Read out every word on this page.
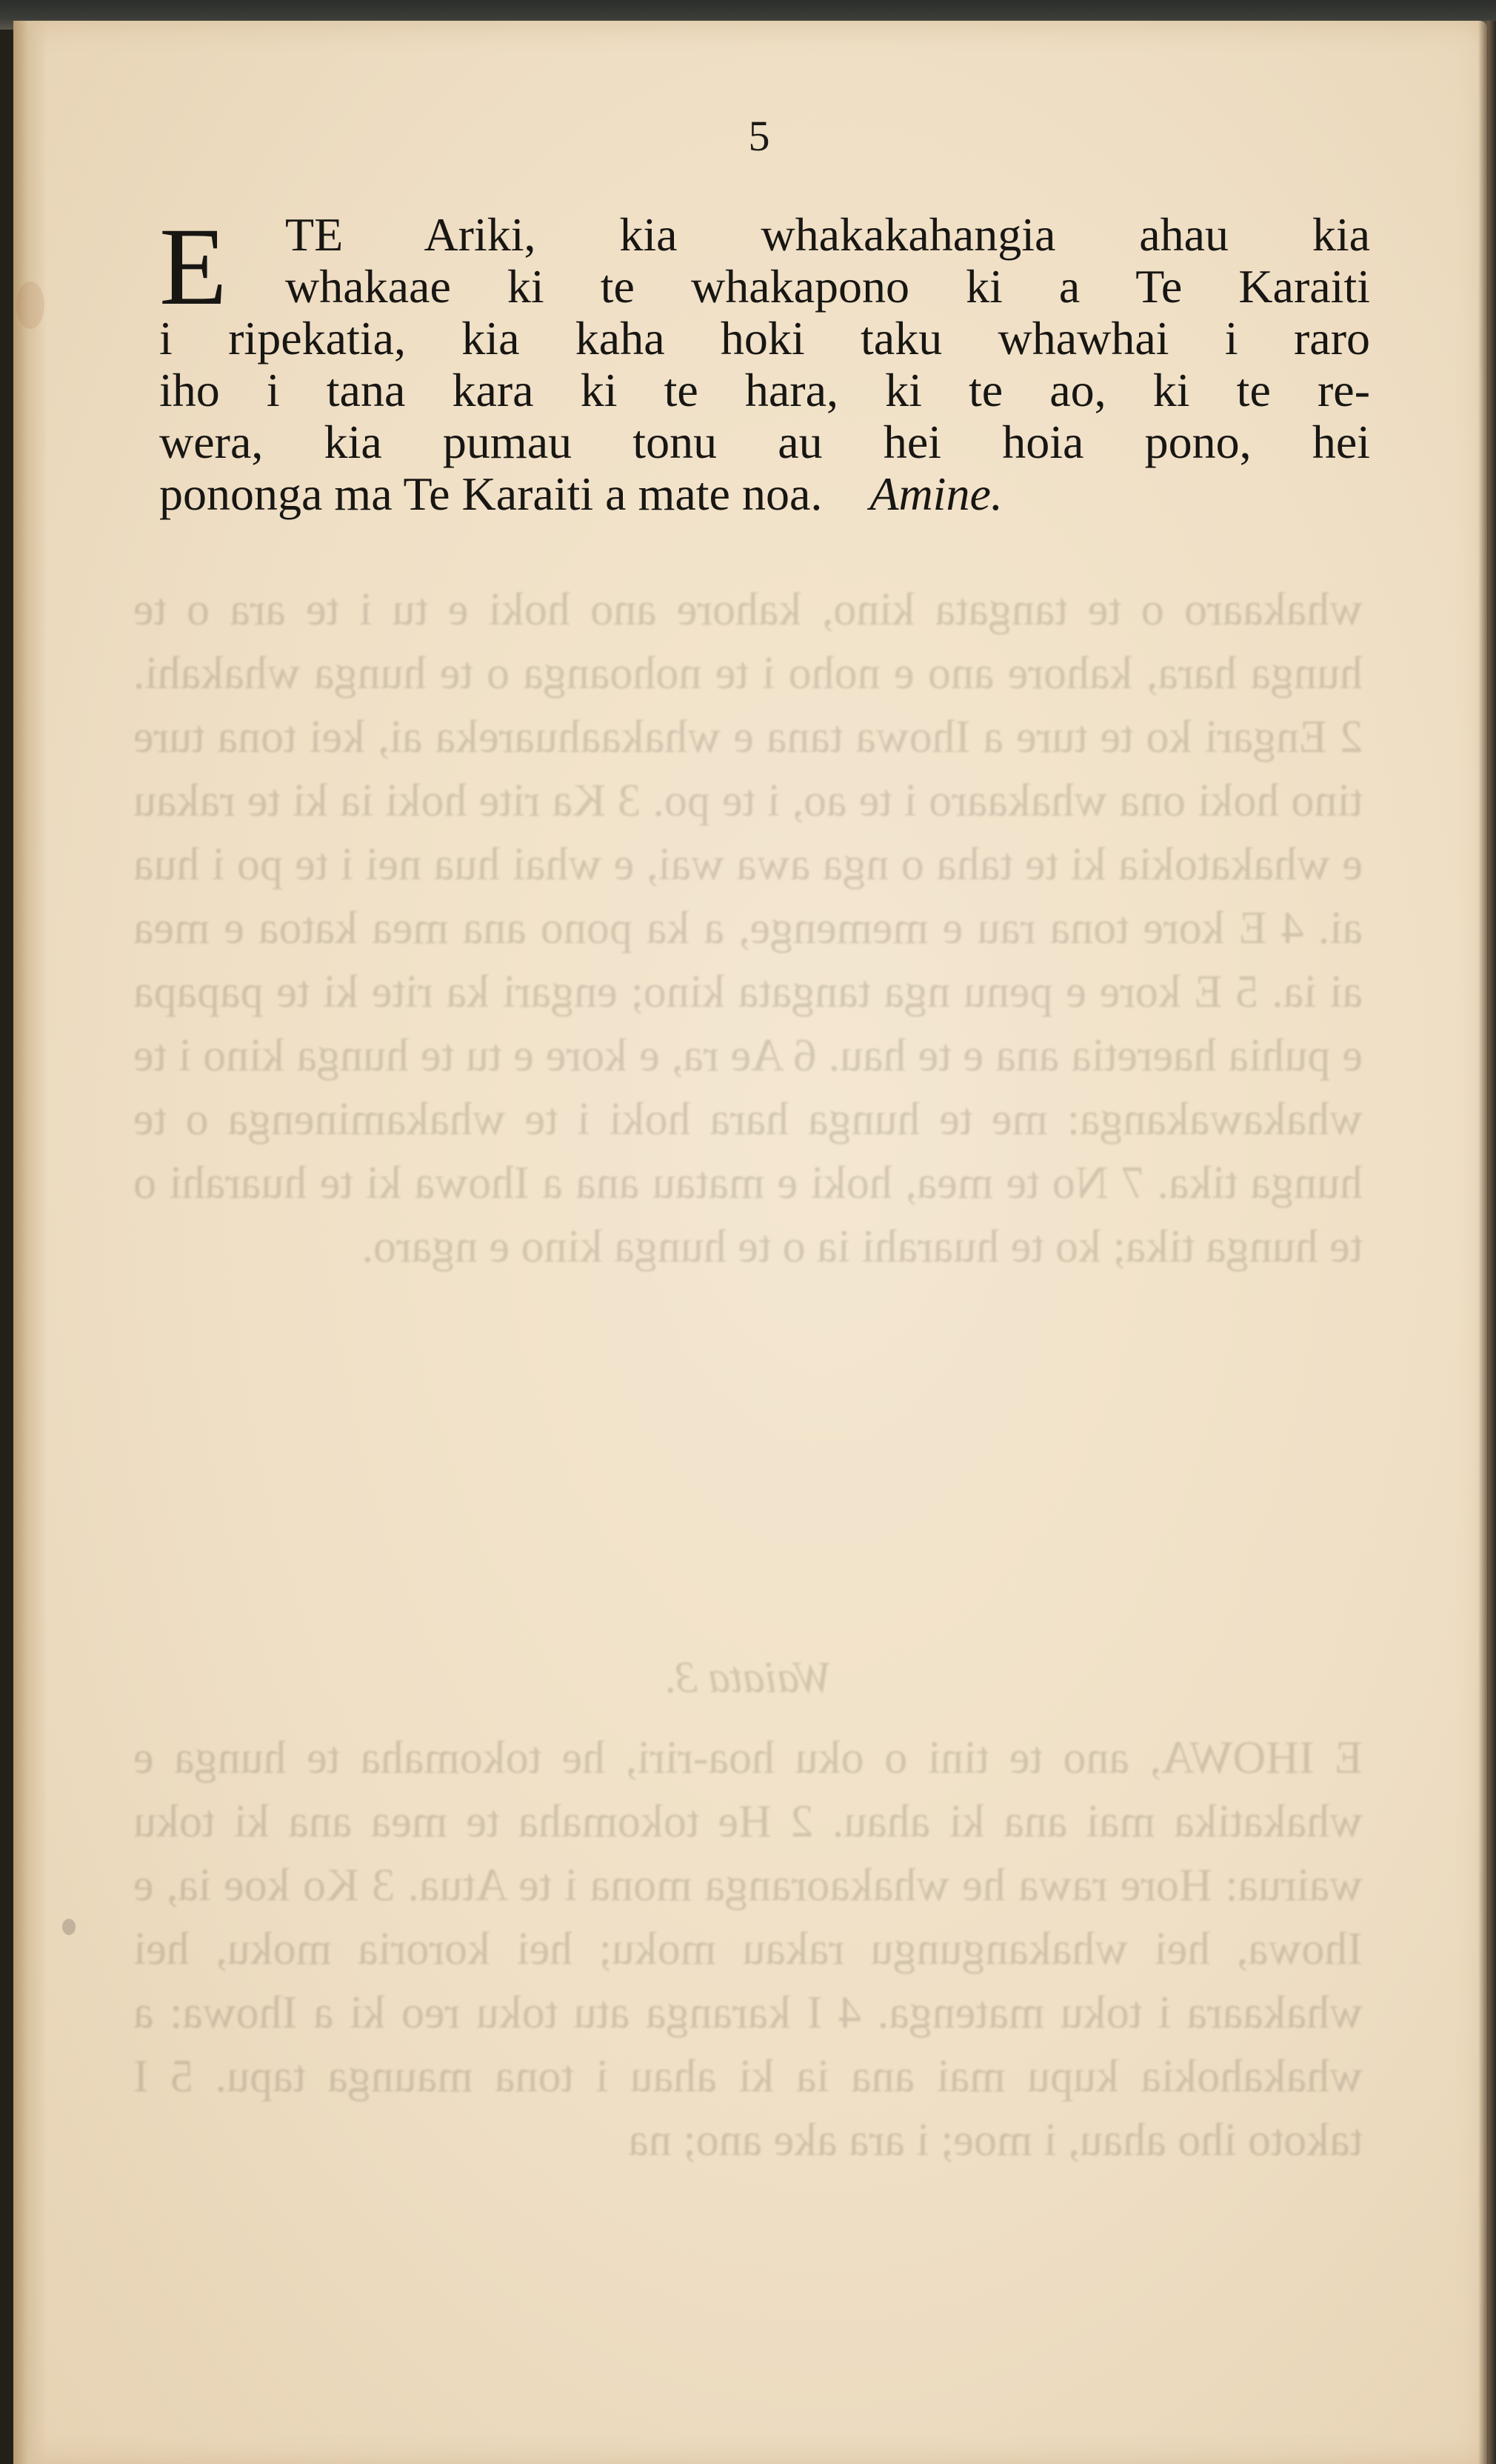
5
E	TE Ariki, kia whakakahangia ahau kia
whakaae ki te whakapono ki a Te Karaiti
i ripekatia, kia kaha hoki taku whawhai i raro
iho i tana kara ki te hara, ki te ao, ki te re-
wera, kia pumau tonu au hei hoia pono, hei
pononga ma Te Karaiti a mate noa. Amine.
